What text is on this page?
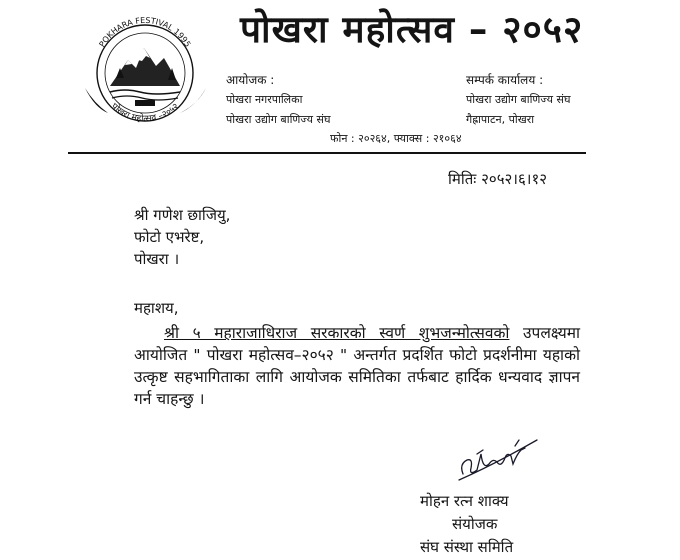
POKHARA FESTIVAL 1995
पोखरा महोत्सव –२०५२
पोखरा महोत्सव – २०५२
आयोजक :
पोखरा नगरपालिका
पोखरा उद्योग बाणिज्य संघ
सम्पर्क कार्यालय :
पोखरा उद्योग बाणिज्य संघ
गैह्रापाटन, पोखरा
फोन : २०२६४, फ्याक्स : २१०६४
मितिः २०५२।६।१२
श्री गणेश छाजियु,
फोटो एभरेष्ट,
पोखरा ।
महाशय,
श्री ५ महाराजाधिराज सरकारको स्वर्ण शुभजन्मोत्सवको उपलक्ष्यमा आयोजित " पोखरा महोत्सव–२०५२ " अन्तर्गत प्रदर्शित फोटो प्रदर्शनीमा यहाको उत्कृष्ट सहभागिताका लागि आयोजक समितिका तर्फबाट हार्दिक धन्यवाद ज्ञापन गर्न चाहन्छु ।
मोहन रत्न शाक्य
संयोजक
संघ संस्था समिति
